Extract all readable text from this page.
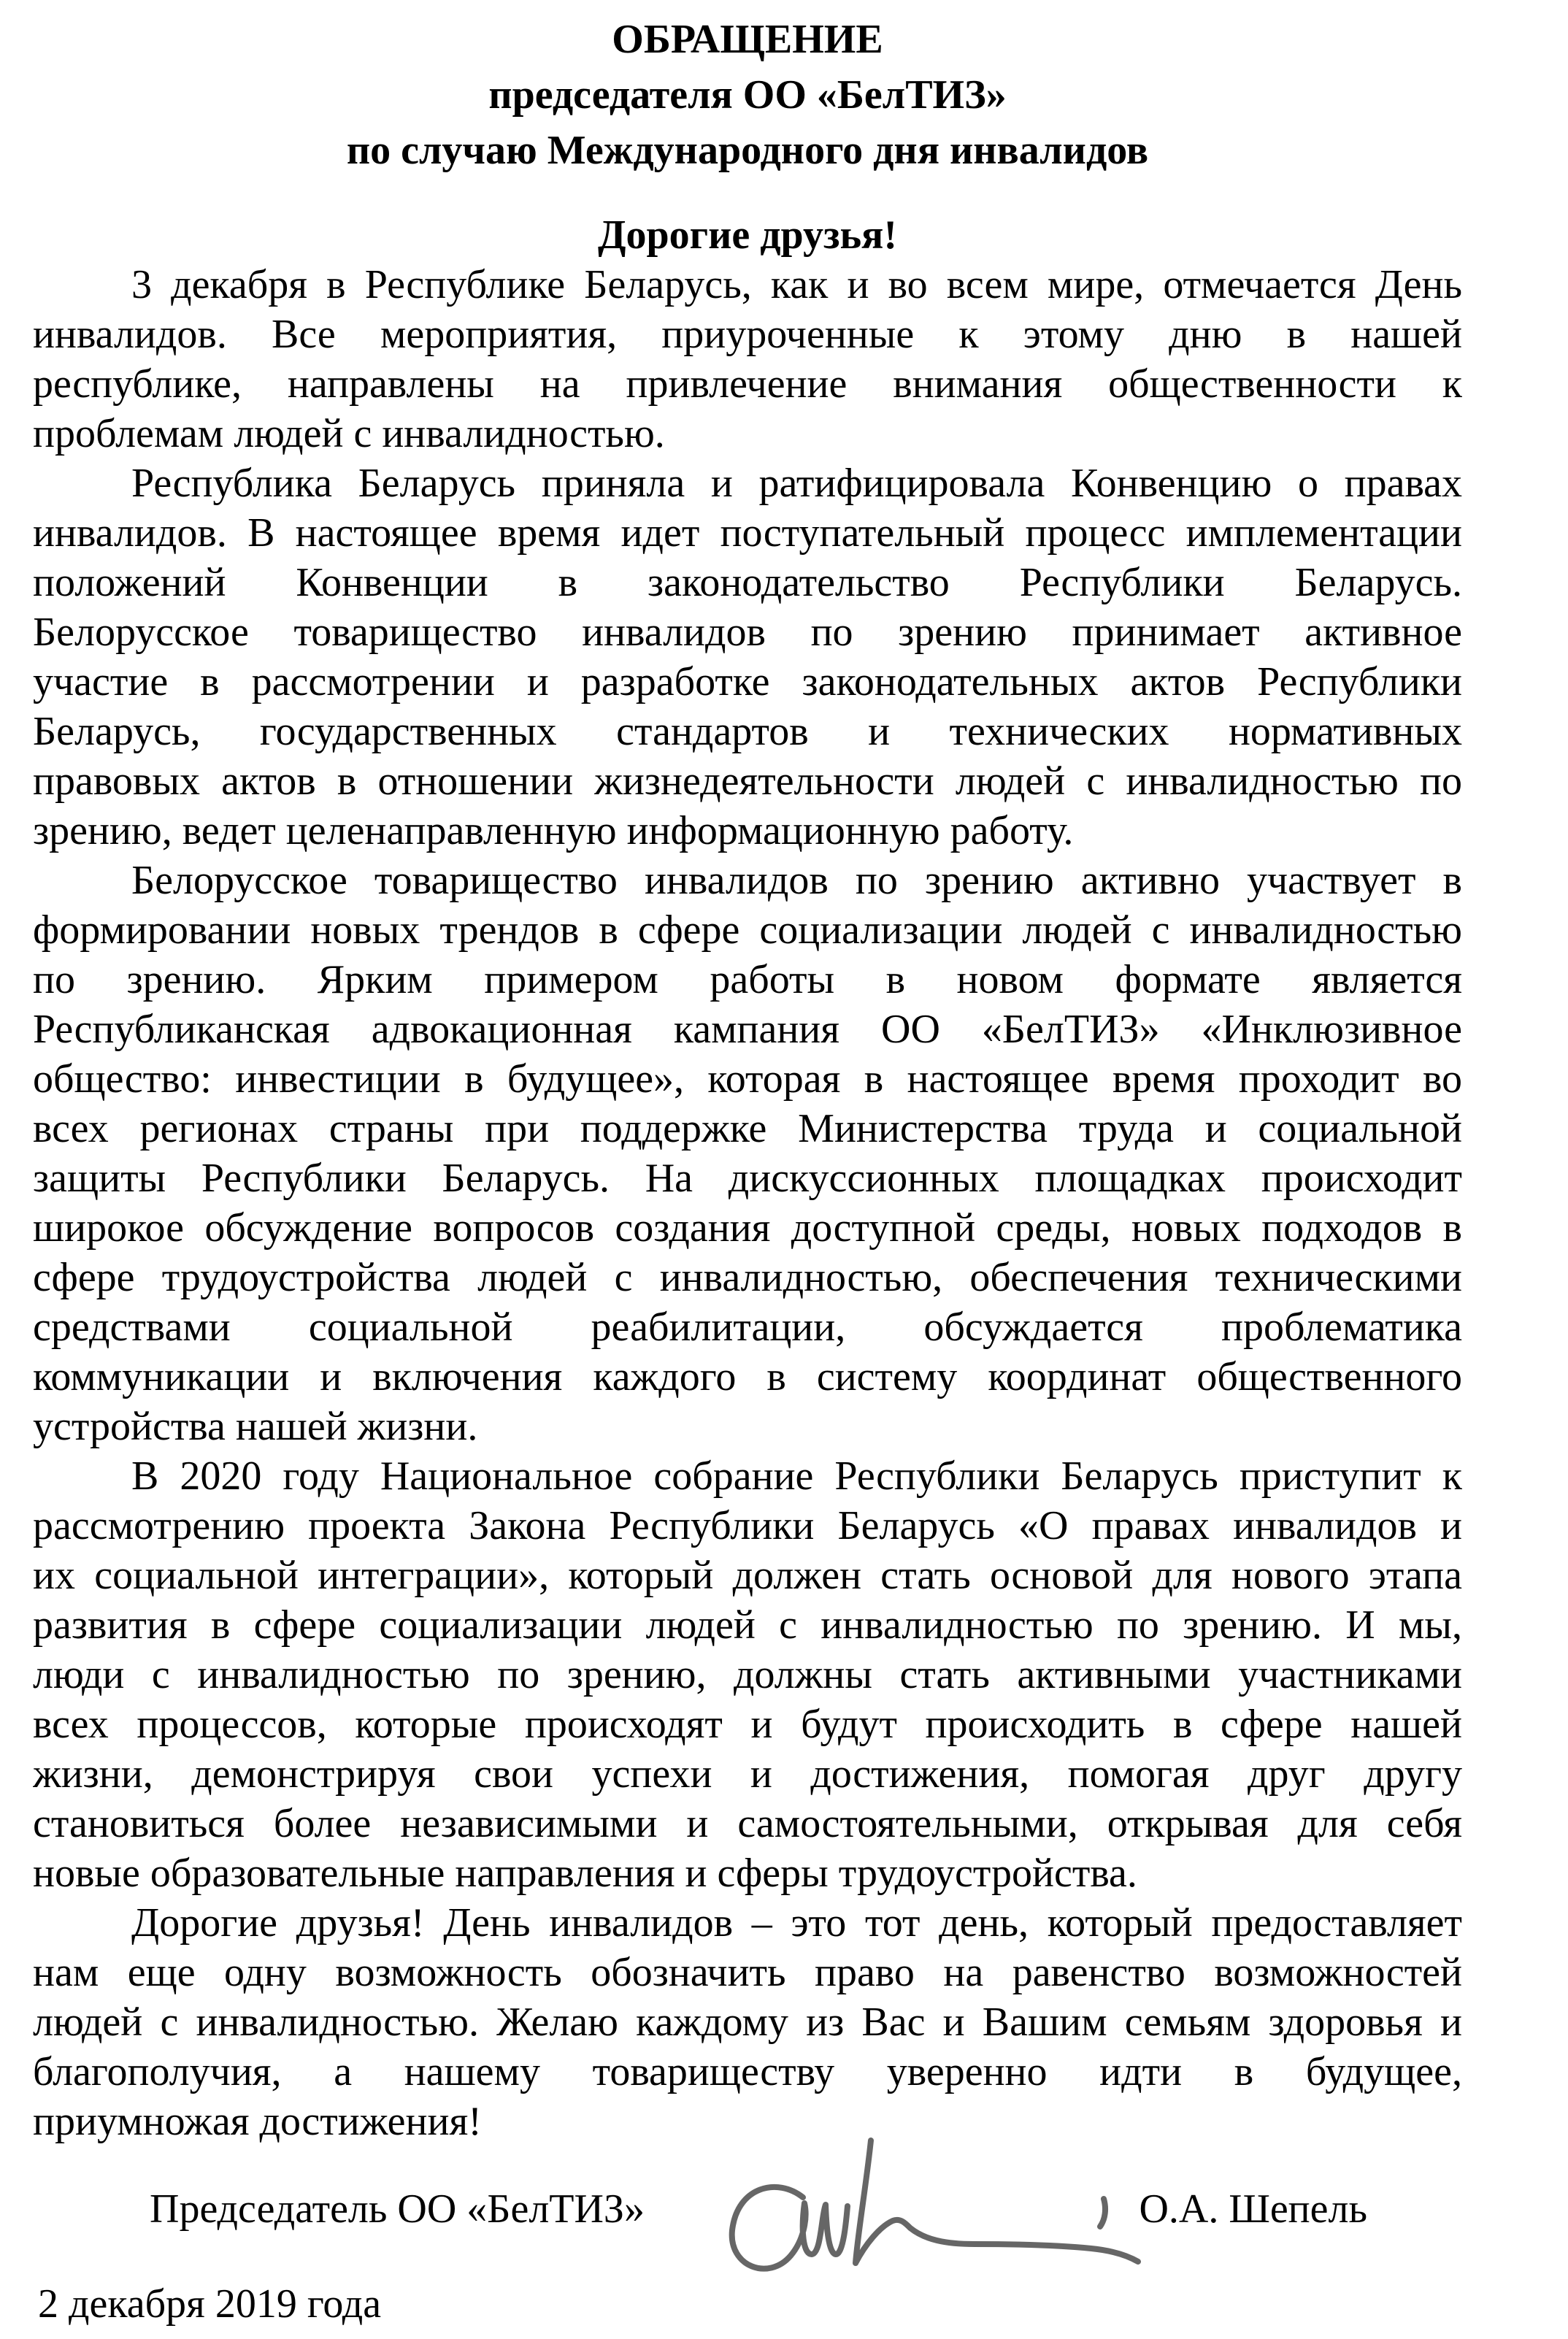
ОБРАЩЕНИЕ
председателя ОО «БелТИЗ»
по случаю Международного дня инвалидов
Дорогие друзья!
3 декабря в Республике Беларусь, как и во всем мире, отмечается День
инвалидов. Все мероприятия, приуроченные к этому дню в нашей
республике, направлены на привлечение внимания общественности к
проблемам людей с инвалидностью.
Республика Беларусь приняла и ратифицировала Конвенцию о правах
инвалидов. В настоящее время идет поступательный процесс имплементации
положений Конвенции в законодательство Республики Беларусь.
Белорусское товарищество инвалидов по зрению принимает активное
участие в рассмотрении и разработке законодательных актов Республики
Беларусь, государственных стандартов и технических нормативных
правовых актов в отношении жизнедеятельности людей с инвалидностью по
зрению, ведет целенаправленную информационную работу.
Белорусское товарищество инвалидов по зрению активно участвует в
формировании новых трендов в сфере социализации людей с инвалидностью
по зрению. Ярким примером работы в новом формате является
Республиканская адвокационная кампания ОО «БелТИЗ» «Инклюзивное
общество: инвестиции в будущее», которая в настоящее время проходит во
всех регионах страны при поддержке Министерства труда и социальной
защиты Республики Беларусь. На дискуссионных площадках происходит
широкое обсуждение вопросов создания доступной среды, новых подходов в
сфере трудоустройства людей с инвалидностью, обеспечения техническими
средствами социальной реабилитации, обсуждается проблематика
коммуникации и включения каждого в систему координат общественного
устройства нашей жизни.
В 2020 году Национальное собрание Республики Беларусь приступит к
рассмотрению проекта Закона Республики Беларусь «О правах инвалидов и
их социальной интеграции», который должен стать основой для нового этапа
развития в сфере социализации людей с инвалидностью по зрению. И мы,
люди с инвалидностью по зрению, должны стать активными участниками
всех процессов, которые происходят и будут происходить в сфере нашей
жизни, демонстрируя свои успехи и достижения, помогая друг другу
становиться более независимыми и самостоятельными, открывая для себя
новые образовательные направления и сферы трудоустройства.
Дорогие друзья! День инвалидов – это тот день, который предоставляет
нам еще одну возможность обозначить право на равенство возможностей
людей с инвалидностью. Желаю каждому из Вас и Вашим семьям здоровья и
благополучия, а нашему товариществу уверенно идти в будущее,
приумножая достижения!
Председатель ОО «БелТИЗ»	О.А. Шепель
2 декабря 2019 года
